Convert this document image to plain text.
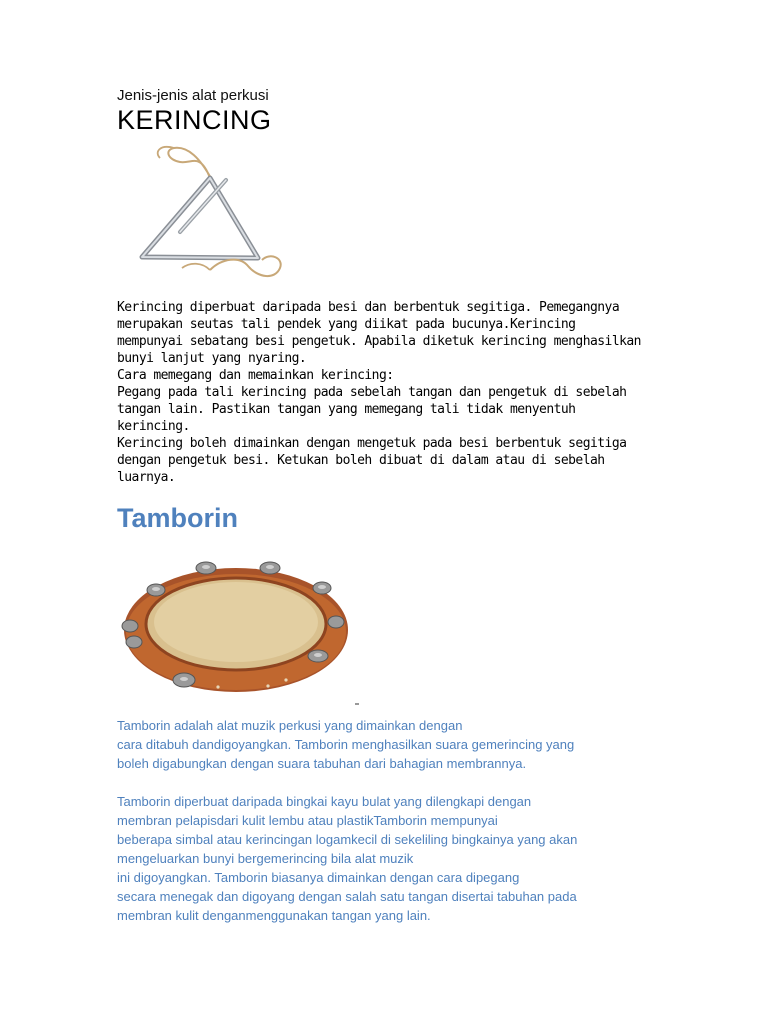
Jenis-jenis alat perkusi
KERINCING
Kerincing diperbuat daripada besi dan berbentuk segitiga. Pemegangnya
merupakan seutas tali pendek yang diikat pada bucunya.Kerincing
mempunyai sebatang besi pengetuk. Apabila diketuk kerincing menghasilkan
bunyi lanjut yang nyaring.
Cara memegang dan memainkan kerincing:
Pegang pada tali kerincing pada sebelah tangan dan pengetuk di sebelah
tangan lain. Pastikan tangan yang memegang tali tidak menyentuh
kerincing.
Kerincing boleh dimainkan dengan mengetuk pada besi berbentuk segitiga
dengan pengetuk besi. Ketukan boleh dibuat di dalam atau di sebelah
luarnya.
Tamborin
Tamborin adalah alat muzik perkusi yang dimainkan dengan
cara ditabuh dandigoyangkan. Tamborin menghasilkan suara gemerincing yang
boleh digabungkan dengan suara tabuhan dari bahagian membrannya.
Tamborin diperbuat daripada bingkai kayu bulat yang dilengkapi dengan
membran pelapisdari kulit lembu atau plastikTamborin mempunyai
beberapa simbal atau kerincingan logamkecil di sekeliling bingkainya yang akan
mengeluarkan bunyi bergemerincing bila alat muzik
ini digoyangkan. Tamborin biasanya dimainkan dengan cara dipegang
secara menegak dan digoyang dengan salah satu tangan disertai tabuhan pada
membran kulit denganmenggunakan tangan yang lain.
